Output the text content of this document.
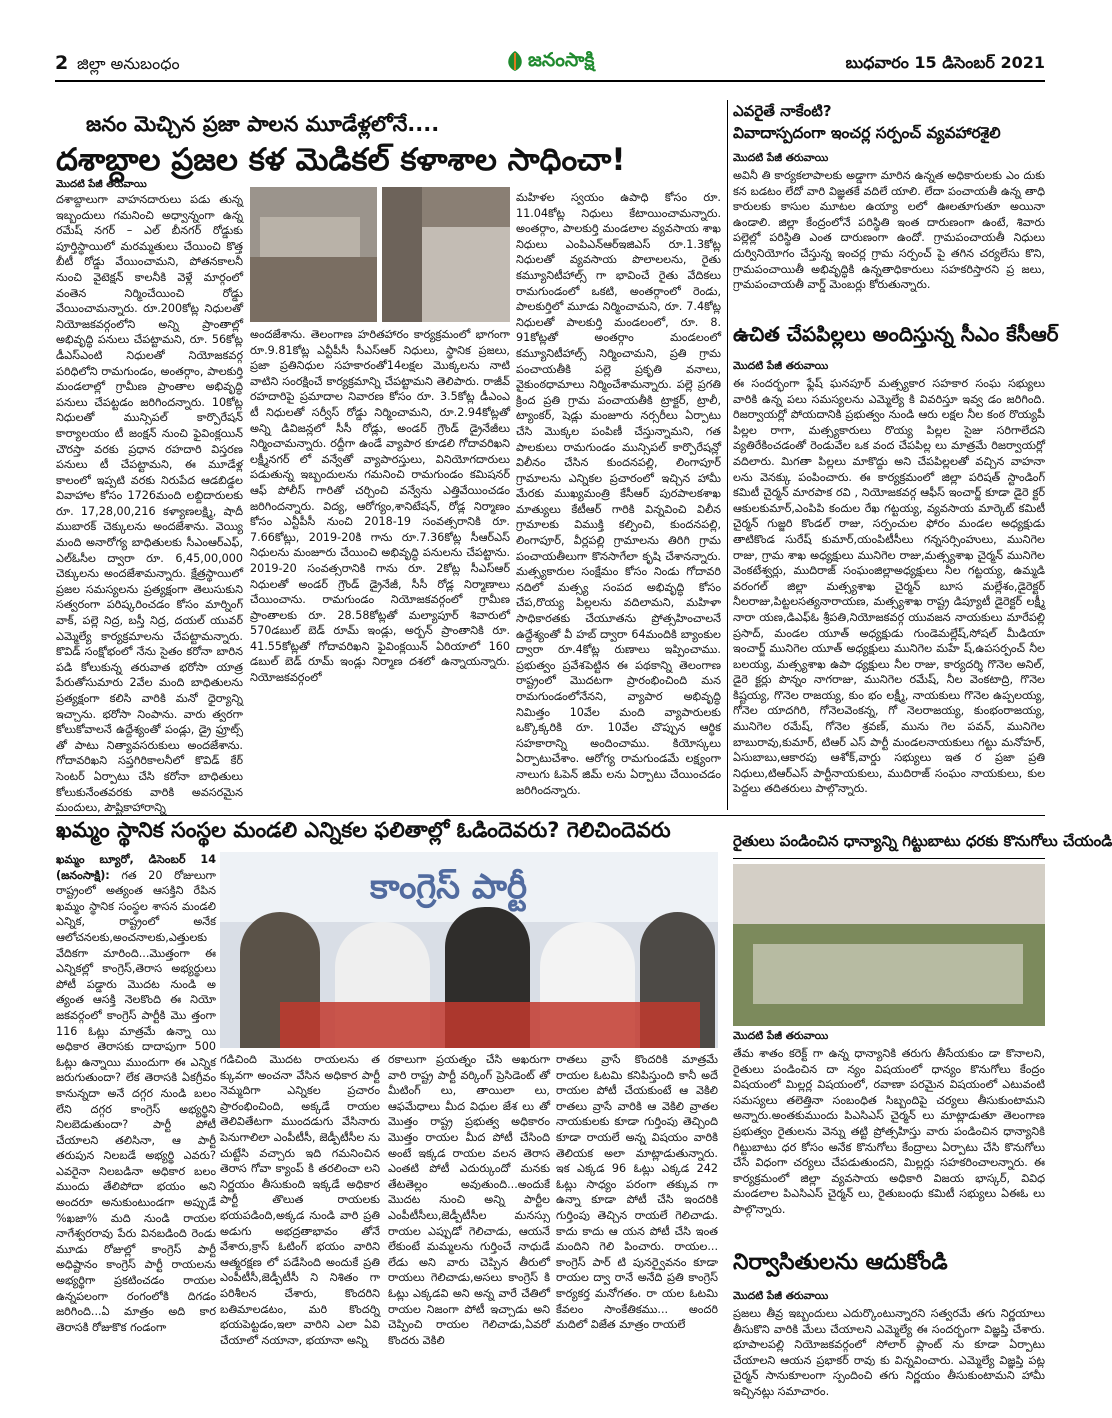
2 జిల్లా అనుబంధం	జనంసాక్షి	బుధవారం 15 డిసెంబర్ 2021
జనం మెచ్చిన ప్రజా పాలన మూడేళ్లలోనే....
దశాబ్దాల ప్రజల కళ మెడికల్ కళాశాల సాధించా!
మొదటి పేజీ తరువాయి
దశాబ్దాలుగా వాహనదారులు పడు తున్న ఇబ్బందులు గమనించి అధ్వాన్నంగా ఉన్న రమేష్ నగర్ – ఎల్ బీనగర్ రోడ్డుకు పూర్తిస్థాయిలో మరమ్మతులు చేయించి కొత్త బీటీ రోడ్డు వేయించామని, పోతనకాలనీ నుంచి వైటెక్షన్ కాలనీకి వెళ్లే మార్గంలో వంతెన నిర్మించేయించి రోడ్డు వేయించామన్నారు. రూ.200కోట్ల నిధులతో నియోజకవర్గంలోని అన్ని ప్రాంతాల్లో అభివృద్ధి పనులు చేపట్టామని, రూ. 56కోట్ల డీఎస్ఎంటి నిధులతో నియోజకవర్గ పరిధిలోని రామగుండం, అంతర్గాం, పాలకుర్తి మండలాల్లో గ్రామీణ ప్రాంతాల అభివృద్ధి పనులు చేపట్టడం జరిగిందన్నారు. 10కోట్ల నిధులతో మున్సిపల్ కార్పొరేషన్ కార్యాలయం టీ జంక్షన్ నుంచి ఫైవింక్లయిన్ చౌరస్తా వరకు ప్రధాన రహదారి విస్తరణ పనులు టీ చేపట్టామని, ఈ మూడేళ్ల కాలంలో ఇప్పటి వరకు నిరుపేద ఆడబిడ్డల వివాహాల కోసం 1726మంది లబ్దిదారులకు రూ. 17,28,00,216 కళ్యాణలక్ష్మి, షాదీ ముబారక్ చెక్కులను అందజేశాను. వెయ్యి మంది అనారోగ్య బాధితులకు సీఎంఆర్ఎఫ్, ఎల్ఓసీల ద్వారా రూ. 6,45,00,000 చెక్కులను అందజేశామన్నారు. క్షేత్రస్థాయిలో ప్రజల సమస్యలను ప్రత్యక్షంగా తెలుసుకుని సత్వరంగా పరిష్కరించడం కోసం మార్నింగ్ వాక్, పల్లె నిద్ర, బస్తీ నిద్ర, దయల్ యువర్ ఎమ్మెల్యే కార్యక్రమాలను చేపట్టామన్నారు. కొవిడ్ సంక్షోభంలో నేను సైతం కరోనా బారిన పడి కోలుకున్న తరువాత భరోసా యాత్ర పేరుతోసుమారు 2వేల మంది బాధితులను ప్రత్యక్షంగా కలిసి వారికి మనో ధైర్యాన్ని ఇచ్చాను. భరోసా నింపాను. వారు త్వరగా కోలుకోవాలనే ఉద్దేశ్యంతో పండ్లు, డ్రై ఫ్రూట్స్ తో పాటు నిత్యావసరుకులు అందజేశాను. గోదావరిఖని సప్తగిరికాలనీలో కొవిడ్ కేర్ సెంటర్ ఏర్పాటు చేసి కరోనా బాధితులు కోలుకునేంతవరకు వారికి అవసరమైన మందులు, పౌష్టికాహారాన్ని
అందజేశాను. తెలంగాణ హరితహారం కార్యక్రమంలో భాగంగా రూ.9.81కోట్ల ఎన్టీపీసీ సీఎస్ఆర్ నిధులు, స్థానిక ప్రజలు, ప్రజా ప్రతినిధుల సహకారంతో14లక్షల మొక్కలను నాటి వాటిని సంరక్షించే కార్యక్రమాన్ని చేపట్టామని తెలిపారు. రాజీవ్ రహదారిపై ప్రమాదాల నివారణ కోసం రూ. 3.5కోట్ల డీఎంఎ టీ నిధులతో సర్వీస్ రోడ్డు నిర్మించామని, రూ.2.94కోట్లతో అన్ని డివిజన్లలో సీసీ రోడ్లు, అండర్ గ్రౌండ్ డ్రైనేజీలు నిర్మించామన్నారు. రద్దీగా ఉండే వ్యాపార కూడలి గోదావరిఖని లక్ష్మీనగర్ లో వన్వేతో వ్యాపారస్తులు, వినియోగదారులు పడుతున్న ఇబ్బందులను గమనించి రామగుండం కమిషనర్ ఆఫ్ పోలీస్ గారితో చర్చించి వన్వేను ఎత్తివేయించడం జరిగిందన్నారు. విద్య, ఆరోగ్యం,శానిటేషన్, రోడ్ల నిర్మాణం కోసం ఎన్టీపీసీ నుంచి 2018-19 సంవత్సరానికి రూ. 7.66కోట్లు, 2019-20కి గాను రూ.7.36కోట్ల సీఆర్ఎస్ నిధులను మంజూరు చేయించి అభివృద్ధి పనులను చేపట్టాను. 2019-20 సంవత్సరానికి గాను రూ. 2కోట్ల సీఎస్ఆర్ నిధులతో అండర్ గ్రౌండ్ డ్రైనేజీ, సీసీ రోడ్ల నిర్మాణాలు చేయించాను. రామగుండం నియోజకవర్గంలో గ్రామీణ ప్రాంతాలకు రూ. 28.58కోట్లతో మల్యాపూర్ శివారులో 570డబుల్ బెడ్ రూమ్ ఇండ్లు, అర్బన్ ప్రాంతానికి రూ. 41.55కోట్లతో గోదావరిఖని ఫైవింక్లయిన్ ఏరియాలో 160 డబుల్ బెడ్ రూమ్ ఇండ్లు నిర్మాణ దశలో ఉన్నాయన్నారు. నియోజకవర్గంలో
మహిళల స్వయం ఉపాధి కోసం రూ. 11.04కోట్ల నిధులు కేటాయించామన్నారు. అంతర్గాం, పాలకుర్తి మండలాల వ్యవసాయ శాఖ నిధులు ఎంపిఎన్ఆర్ఇజిఎస్ రూ.1.3కోట్ల నిధులతో వ్యవసాయ పొలాలలను, రైతు కమ్యూనిటీహాల్స్ గా భావించే రైతు వేదికలు రామగుండంలో ఒకటి, అంతర్గాంలో రెండు, పాలకుర్తిలో మూడు నిర్మించామని, రూ. 7.4కోట్ల నిధులతో పాలకుర్తి మండలంలో, రూ. 8. 91కోట్లతో అంతర్గాం మండలంలో కమ్యూనిటీహాల్స్ నిర్మించామని, ప్రతి గ్రామ పంచాయతీకి పల్లె ప్రకృతి వనాలు, వైకుంఠధామాలు నిర్మించేశామన్నారు. పల్లె ప్రగతి క్రింద ప్రతి గ్రామ పంచాయతీకి ట్రాక్టర్, ట్రాలీ, ట్యాంకర్, షెడ్లు మంజూరు నర్సరీలు ఏర్పాటు చేసి మొక్కల పంపిణీ చేస్తున్నామని, గత పాలకులు రామగుండం మున్సిపల్ కార్పొరేషన్లో విలీనం చేసిన కుందనపల్లి, లింగాపూర్ గ్రామాలను ఎన్నికల ప్రచారంలో ఇచ్చిన హామీ మేరకు ముఖ్యమంత్రి కేసీఆర్ పురపాలకశాఖ మాత్యులు కేటీఆర్ గారికి విన్నవించి విలీన గ్రామాలకు విముక్తి కల్పించి, కుందనపల్లి, లింగాపూర్, వీర్లపల్లి గ్రామాలను తిరిగి గ్రామ పంచాయతీలుగా కొనసాగేలా కృషి చేశానన్నారు. మత్స్యకారుల సంక్షేమం కోసం నిండు గోదావరి నదిలో మత్స్య సంపద అభివృద్ధి కోసం చేప,రొయ్య పిల్లలను వదిలామని, మహిళా సాధికారతకు చేయూతను ప్రోత్సహించాలనే ఉద్దేశ్యంతో వీ హబ్ ద్వారా 64మందికి బ్యాంకుల ద్వారా రూ.4కోట్ల రుణాలు ఇప్పించాము. ప్రభుత్వం ప్రవేశపెట్టిన ఈ పథకాన్ని తెలంగాణ రాష్ట్రంలో మొదటగా ప్రారంభించింది మన రామగుండంలోనేనని, వ్యాపార అభివృద్ధి నిమిత్తం 10వేల మంది వ్యాపారులకు ఒక్కొక్కరికి రూ. 10వేల చొప్పున ఆర్థిక సహకారాన్ని అందించాము. కియోస్కలు ఏర్పాటుచేశాం. ఆరోగ్య రామగుండమే లక్ష్యంగా నాలుగు ఓపెన్ జిమ్ లను ఏర్పాటు చేయించడం జరిగిందన్నారు.
ఎవరైతే నాకేంటి?
వివాదాస్పదంగా ఇంచర్ల సర్పంచ్ వ్యవహారశైలి
మొదటి పేజీ తరువాయి
అవినీ తి కార్యకలాపాలకు అడ్డాగా మారిన ఉన్నత అధికారులకు ఎం దుకు కన బడటం లేదో వారి విజ్ఞతకే వదిలే యాలి. లేదా పంచాయతీ ఉన్న తాధి కారులకు కాసుల మూటల ఉయ్యా లలో ఊలతూగుతూ అయినా ఉండాలి. జిల్లా కేంద్రంలోనే పరిస్థితి ఇంత దారుణంగా ఉంటే, శివారు పల్లెల్లో పరిస్థితి ఎంత దారుణంగా ఉందో. గ్రామపంచాయతీ నిధులు దుర్వినియోగం చేస్తున్న ఇంచర్ల గ్రామ సర్పంచ్ పై తగిన చర్యలేసు కొని, గ్రామపంచాయితీ అభివృద్ధికి ఉన్నతాధికారులు సహకరిస్తారని ప్ర జలు, గ్రామపంచాయతీ వార్డ్ మెంబర్లు కోరుతున్నారు.
ఉచిత చేపపిల్లలు అందిస్తున్న సీఎం కేసీఆర్
మొదటి పేజీ తరువాయి
ఈ సందర్భంగా ఫ్లేష్ ఘనపూర్ మత్స్యకార సహకార సంఘ సభ్యులు వారికి ఉన్న పలు సమస్యలను ఎమ్మెల్యే కి వివరిస్తూ ఇవ్వ డం జరిగింది. రిజర్వాయర్లో పోయదానికి ప్రభుత్వం నుండి ఆరు లక్షల నీల కంఠ రొయ్యపీ పిల్లల రాగా, మత్స్యకారులు రొయ్య పిల్లల సైజు సరిగాలేదని వ్యతిరేకించడంతో రెండువేల ఒక వంద చేపపిల్ల లు మాత్రమే రిజర్వాయర్లో వదిలారు. మిగతా పిల్లలు మాకొద్దు అని చేపపిల్లలతో వచ్చిన వాహనా లను వెనక్కు పంపించారు. ఈ కార్యక్రమంలో జిల్లా పరిషత్ స్టాండింగ్ కమిటీ చైర్మన్ మారపాక రవి , నియోజకవర్గ ఆఫీస్ ఇంచార్జ్ కూడా డైరె క్టర్ ఆకులకుమార్,ఎంపిపి కందుల రేఖ గట్టయ్య, వ్యవసాయ మార్కెట్ కమిటీ చైర్మన్ గుజ్జరి కొండల్ రాజు, సర్పంచుల ఫోరం మండల అధ్యక్షుడు తాటికొండ సురేష్ కుమార్,యంపిటీసీలు గన్నసర్సింహులు, మునిగెల రాజు, గ్రామ శాఖ అధ్యక్షులు మునిగెల రాజు,మత్స్యశాఖ చైర్మన్ మునిగెల వెంకటేశ్వర్లు, ముదిరాజ్ సంఘంజిల్లాఅధ్యక్షులు నీల గట్టయ్య, ఉమ్మడి వరంగల్ జిల్లా మత్స్యశాఖ చైర్మన్ బూస మల్లేశం,డైరెక్టర్ నీలరాజు,పిట్టలసత్యనారాయణ, మత్స్యశాఖ రాష్ట్ర డిప్యూటీ డైరెక్టర్ లక్ష్మీ నారా యణ,డిఎఫ్ఓ శ్రీపతి,నియోజకవర్గ యువజన నాయకులు మారేపల్లి ప్రసాద్, మండల యూత్ అధ్యక్షుడు గుండెమల్లేష్,సోషల్ మీడియా ఇంచార్జ్ మునిగెల యూత్ అధ్యక్షులు మునిగెల మహే ష్,ఉపసర్పంచ్ నీల బలయ్య, మత్స్యశాఖ ఉపా ధ్యక్షులు నీల రాజు, కార్యదర్శి గొనెల అనిల్, డైరె క్టర్లు పొన్నం నాగరాజు, మునిగెల రమేష్, నీల వెంకటాద్రి, గొనెల కిష్టయ్య, గొనెల రాజయ్య, కుం భం లక్ష్మీ, నాయకులు గొనెల ఉప్పలయ్య, గోనెల యాదగిరి, గోనెలవెంకన్న, గో నెలరాజయ్య, కుంభంరాజయ్య, మునిగెల రమేష్, గోనెల శ్రవణ్, మును గెల పవన్, మునిగెల బాబురావు,కుమార్, టిఆర్ ఎస్ పార్టీ మండలనాయకులు గట్టు మనోహర్, ఏసుబాబు,ఆకారపు ఆశోక్,వార్డు సభ్యులు ఇత ర ప్రజా ప్రతి నిధులు,టిఆర్ఎస్ పార్టీనాయకులు, ముదిరాజ్ సంఘం నాయకులు, కుల పెద్దలు తదితరులు పాల్గొన్నారు.
ఖమ్మం స్థానిక సంస్థల మండలి ఎన్నికల ఫలితాల్లో ఓడిందెవరు? గెలిచిందెవరు
ఖమ్మం బ్యూరో, డిసెంబర్ 14 (జనంసాక్షి): గత 20 రోజులుగా రాష్ట్రంలో అత్యంత ఆసక్తిని రేపిన ఖమ్మం స్థానిక సంస్థల శాసన మండలి ఎన్నిక, రాష్ట్రంలో అనేక ఆలోచనలకు,అంచనాలకు,ఎత్తులకు వేదికగా మారింది...మొత్తంగా ఈ ఎన్నికల్లో కాంగ్రెస్,తెరాస అభ్యర్థులు పోటీ పడ్డారు మొదట నుండి అ త్యంత ఆసక్తి నెలకొంది ఈ నియో జకవర్గంలో కాంగ్రెస్ పార్టీకి మొ త్తంగా 116 ఓట్లు మాత్రమే ఉన్నా యి అధికార తెరాసకు దాదాపుగా 500 ఓట్లు ఉన్నాయి ముందుగా ఈ ఎన్నిక జరుగుతుందా? లేక తెరాసకి ఏకగ్రీవం కానున్నదా అనే దగ్గర నుండి బలం లేని దగ్గర కాంగ్రెస్ అభ్యర్థిని నిలబెడుతుందా? పార్టీ పోటీ చేయాలని తలిసినా, ఆ పార్టీ తరుపున నిలబడే అభ్యర్థి ఎవరు? ఎవరైనా నిలబడినా అధికార బలం ముందు తేలిపోదా భయం అని అందరూ అనుకుంటుండగా అప్పుడే %ఖజా% మది నుండి రాయల నాగేశ్వరరావు పేరు వినబడింది రెండు మూడు రోజుల్లో కాంగ్రెస్ పార్టీ అధిష్టానం కాంగ్రెస్ పార్టీ రాయలను అభ్యర్థిగా ప్రకటించడం రాయల ఉన్నపలంగా రంగంలోకి దిగడం జరిగింది...ఏ మాత్రం అది కార తెరాసకి రోజుకొక గండంగా
కాంగ్రెస్ పార్టీ
గడిచింది మొదట రాయలను త క్కువగా అంచనా వేసిన అధికార పార్టీ నెమ్మదిగా ఎన్నికల ప్రచారం ప్రారంభించింది, అక్కడే రాయల తెలివితేటగా ముందడుగు వేసినారు పెనుగాలిలా ఎంపీటీసీ, జెడ్పీటీసీల ను చుట్టేసి వచ్చారు ఇది గమనించిన తెరాస గోవా క్యాంప్ కి తరలించా లని నిర్ణయం తీసుకుంది ఇక్కడే అధికార పార్టీ తొలుత రాయలకు భయపడింది,అక్కడ నుండి వారి ప్రతి అడుగు అభద్రతాభావం తోనే వేశారు,క్రాస్ ఓటింగ్ భయం వారిని ఆత్మరక్షణ లో పడేసింది అందుకే ప్రతి ఎంపీటీసీ,జెడ్పీటీసీ ని నిశితం గా పరిశీలన చేశారు, కొందరిని బతిమాలడటం, మరి కొందర్ని భయపెట్టడం,ఇలా వారిని ఎలా ఏవి చేయాలో నయానా, భయానా అన్ని
రకాలుగా ప్రయత్నం చేసి అఖరుగా వారి రాష్ట్ర పార్టీ వర్కింగ్ ప్రెసిడెంట్ తో మీటింగ్ లు, తాయిలా లు, ఆఫమేధాలు మీద విధుల జేశ లు తో మొత్తం రాష్ట్ర ప్రభుత్వ అధికారం మొత్తం రాయల మీద పోటీ చేసింది అంటే ఇక్కడ రాయల వలన తెరాస ఎంతటి పోటీ ఎదుర్కుందో మనకు తేటతెల్లం అవుతుంది...అందుకే మొదట నుంచి అన్ని పార్టీల ఎంపీటీసీలు,జెడ్పీటీసీల మనస్సు రాయల ఎప్పుడో గెలిచాడు, ఆయనే లేకుంటే మమ్మలను గుర్తించే నాధుడే లేడు అని వారు చెప్పిన తీరులో రాయలు గెలిచాడు,అసలు కాంగ్రెస్ కి ఓట్లు ఎక్కడవి అని అన్న వారే చేతిలో రాయల నిజంగా పోటీ ఇచ్చాడు అని చెప్పించి రాయల గెలిచాడు,ఏవరో కొందరు వెకిలి
రాతలు వ్రాసే కొందరికి మాత్రమే రాయల ఓటమి కనిపిస్తుంది కానీ అదే రాయల పోటీ చేయకుంటే ఆ వెకిలి రాతలు వ్రాసే వారికి ఆ వెకిలి వ్రాతల నాయకులకు కూడా గుర్తింపు తెచ్చింది కూడా రాయలే అన్న విషయం వారికి తెలియక అలా మాట్లాడుతున్నారు. ఇక ఎక్కడ 96 ఓట్లు ఎక్కడ 242 ఓట్లు సాధ్యం పరంగా తక్కువ గా ఉన్నా కూడా పోటీ చేసి ఇందరికి గుర్తింపు తెచ్చిన రాయలే గెలిచాడు. కాదు కాదు ఆ యన పోటీ చేసి ఇంత మందిని గెలి పించారు. రాయల... కాంగ్రెస్ పార్ టి పునర్వైవనం కూడా రాయల ద్వా రానే అనేది ప్రతి కాంగ్రెస్ కార్యకర్త మనోగతం. రా యల ఓటమి కేవలం సాంకేతికము... అందరి మదిలో విజేత మాత్రం రాయలే
రైతులు పండించిన ధాన్యాన్ని గిట్టుబాటు ధరకు కొనుగోలు చేయండి
మొదటి పేజీ తరువాయి
తేమ శాతం కరెక్ట్ గా ఉన్న ధాన్యానికి తరుగు తీసేయకుం డా కొనాలని, రైతులు పండించిన దా న్యం విషయంలో ధాన్యం కొనుగోలు కేంద్రం విషయంలో మిల్లర్ల విషయంలో, రవాణా పరమైన విషయంలో ఎటువంటి సమస్యలు తలెత్తినా సంబంధిత సిబ్బందిపై చర్యలు తీసుకుంటామని అన్నారు.అంతకుముందు పిఎసిఎస్ చైర్మన్ లు మాట్లాడుతూ తెలంగాణ ప్రభుత్వం రైతులను వెన్ను తట్టి ప్రోత్సహిస్తు వారు పండించిన ధాన్యానికి గిట్టుబాటు ధర కోసం అనేక కొనుగోలు కేంద్రాలు ఏర్పాటు చేసి కొనుగోలు చేసే విధంగా చర్యలు చేపడుతుందని, మిల్లర్లు సహకరించాలన్నారు. ఈ కార్యక్రమంలో జిల్లా వ్యవసాయ అధికారి విజయ భాస్కర్, వివిధ మండలాల పిఎసిఎస్ చైర్మన్ లు, రైతుబంధు కమిటీ సభ్యులు ఏఈఓ లు పాల్గొన్నారు.
నిర్వాసితులను ఆదుకోండి
మొదటి పేజీ తరువాయి
ప్రజలు తీవ్ర ఇబ్బందులు ఎదుర్కొంటున్నారని సత్వరమే తగు నిర్ణయాలు తీసుకొని వారికి మేలు చేయాలని ఎమ్మెల్యే ఈ సందర్భంగా విజ్ఞప్తి చేశారు. భూపాలపల్లి నియోజకవర్గంలో సోలార్ ప్లాంట్ ను కూడా ఏర్పాటు చేయాలని ఆయన ప్రభాకర్ రావు కు విన్నవించారు. ఎమ్మెల్యే విజ్ఞప్తి పట్ల చైర్మన్ సానుకూలంగా స్పందించి తగు నిర్ణయం తీసుకుంటామని హామీ ఇచ్చినట్లు సమాచారం.
